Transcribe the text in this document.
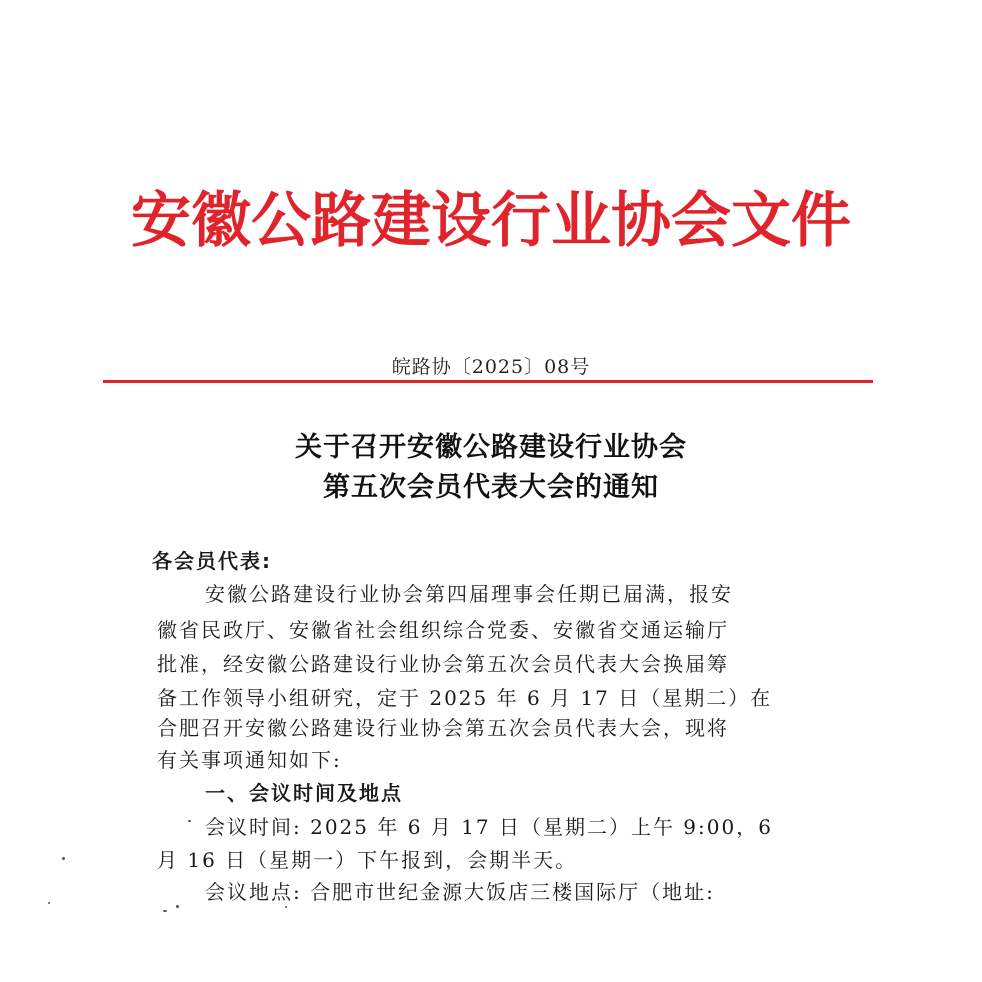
安徽公路建设行业协会文件
皖路协〔2025〕08号
关于召开安徽公路建设行业协会
第五次会员代表大会的通知
各会员代表:
安徽公路建设行业协会第四届理事会任期已届满，报安
徽省民政厅、安徽省社会组织综合党委、安徽省交通运输厅
批准，经安徽公路建设行业协会第五次会员代表大会换届筹
备工作领导小组研究，定于 2025 年 6 月 17 日（星期二）在
合肥召开安徽公路建设行业协会第五次会员代表大会，现将
有关事项通知如下:
一、会议时间及地点
会议时间: 2025 年 6 月 17 日（星期二）上午 9:00，6
月 16 日（星期一）下午报到，会期半天。
会议地点: 合肥市世纪金源大饭店三楼国际厅（地址:
